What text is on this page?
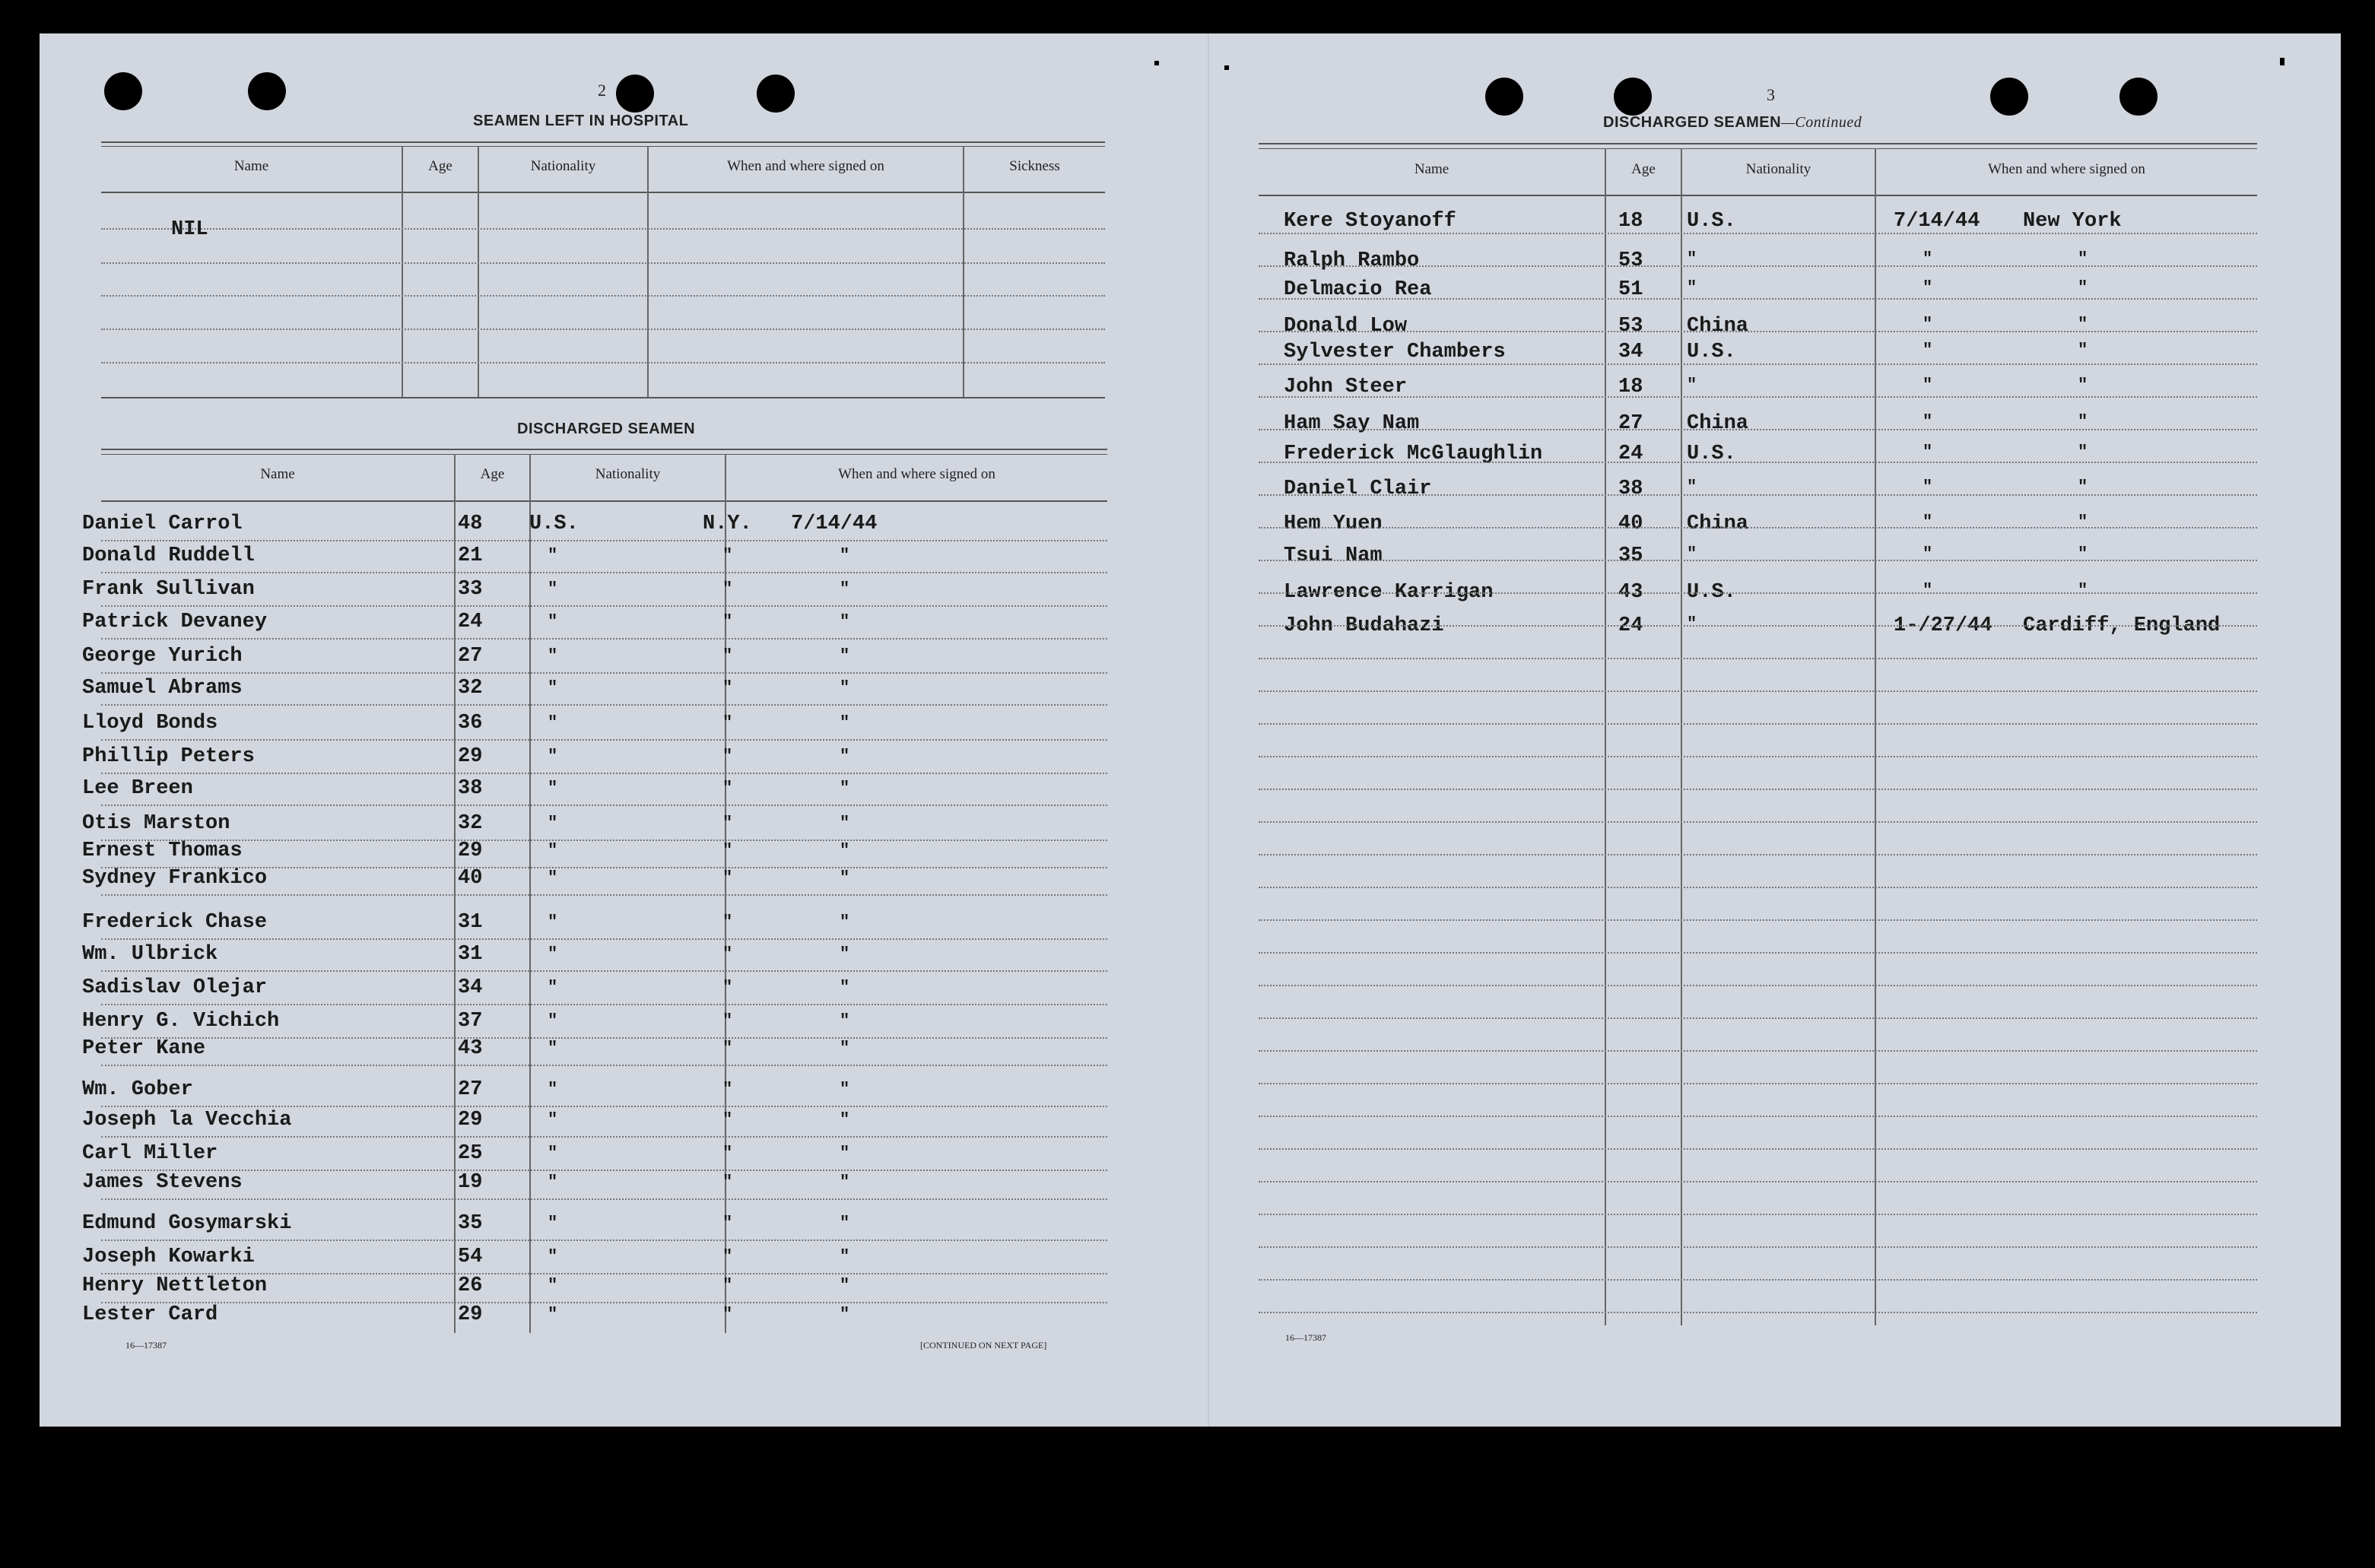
2
SEAMEN LEFT IN HOSPITAL
Name	Age	Nationality	When and where signed on	Sickness
NIL
DISCHARGED SEAMEN
Name	Age	Nationality	When and where signed on
Daniel Carrol	48 U.S.	N.Y. 7/14/44
Donald Ruddell	21	"	"	"
Frank Sullivan	33	"	"	"
Patrick Devaney	24	"	"	"
George Yurich	27	"	"	"
Samuel Abrams	32	"	"	"
Lloyd Bonds	36	"	"	"
Phillip Peters	29	"	"	"
Lee Breen	38	"	"	"
Otis Marston	32	"	"	"
Ernest Thomas	29	"	"	"
Sydney Frankico	40	"	"	"
Frederick Chase	31	"	"	"
Wm. Ulbrick	31	"	"	"
Sadislav Olejar	34	"	"	"
Henry G. Vichich	37	"	"	"
Peter Kane	43	"	"	"
Wm. Gober	27	"	"	"
Joseph la Vecchia	29	"	"	"
Carl Miller	25	"	"	"
James Stevens	19	"	"	"
Edmund Gosymarski	35	"	"	"
Joseph Kowarki	54	"	"	"
Henry Nettleton	26	"	"	"
Lester Card	29	"	"	"
16—17387	[CONTINUED ON NEXT PAGE]
3
DISCHARGED SEAMEN—Continued
Name	Age	Nationality	When and where signed on
Kere Stoyanoff	18 U.S.	7/14/44 New York
Ralph Rambo	53	"	"	"
Delmacio Rea	51	"	"	"
Donald Low	53 China	"	"
Sylvester Chambers	34 U.S.	"	"
John Steer	18	"	"	"
Ham Say Nam	27 China	"	"
Frederick McGlaughlin	24 U.S.	"	"
Daniel Clair	38	"	"	"
Hem Yuen	40 China	"	"
Tsui Nam	35	"	"	"
Lawrence Karrigan	43 U.S.	"	"
John Budahazi	24	"	1-/27/44 Cardiff, England
16—17387
